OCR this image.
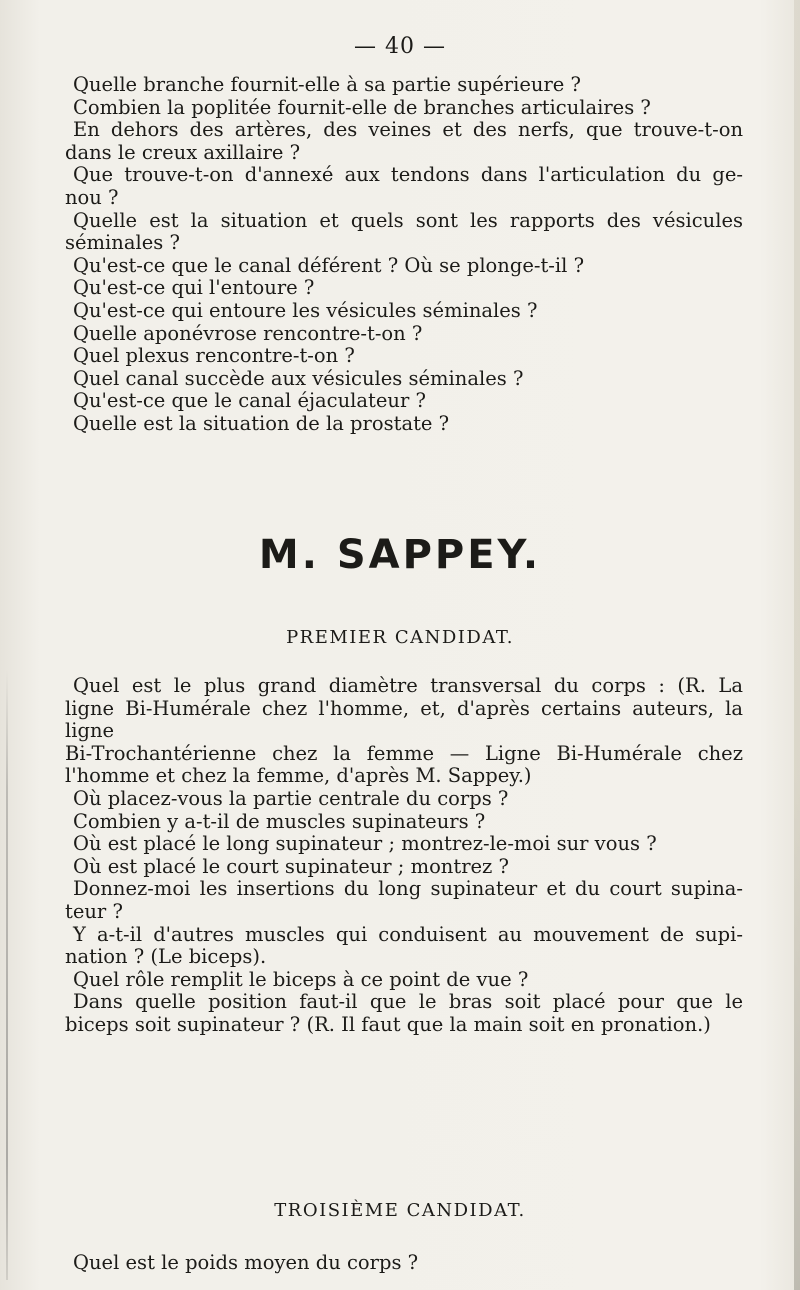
— 40 —

Quelle branche fournit-elle à sa partie supérieure ?

Combien la poplitée fournit-elle de branches articulaires ?

En dehors des artères, des veines et des nerfs, que trouve-t-on

dans le creux axillaire ?

Que trouve-t-on d'annexé aux tendons dans l'articulation du ge-

nou ?

Quelle est la situation et quels sont les rapports des vésicules

séminales ?

Qu'est-ce que le canal déférent ? Où se plonge-t-il ?

Qu'est-ce qui l'entoure ?

Qu'est-ce qui entoure les vésicules séminales ?

Quelle aponévrose rencontre-t-on ?

Quel plexus rencontre-t-on ?

Quel canal succède aux vésicules séminales ?

Qu'est-ce que le canal éjaculateur ?

Quelle est la situation de la prostate ?

M. SAPPEY.
PREMIER CANDIDAT.

Quel est le plus grand diamètre transversal du corps : (R. La

ligne Bi-Humérale chez l'homme, et, d'après certains auteurs, la ligne

Bi-Trochantérienne chez la femme — Ligne Bi-Humérale chez

l'homme et chez la femme, d'après M. Sappey.)

Où placez-vous la partie centrale du corps ?

Combien y a-t-il de muscles supinateurs ?

Où est placé le long supinateur ; montrez-le-moi sur vous ?

Où est placé le court supinateur ; montrez ?

Donnez-moi les insertions du long supinateur et du court supina-

teur ?

Y a-t-il d'autres muscles qui conduisent au mouvement de supi-

nation ? (Le biceps).

Quel rôle remplit le biceps à ce point de vue ?

Dans quelle position faut-il que le bras soit placé pour que le

biceps soit supinateur ? (R. Il faut que la main soit en pronation.)

TROISIÈME CANDIDAT.

Quel est le poids moyen du corps ?
